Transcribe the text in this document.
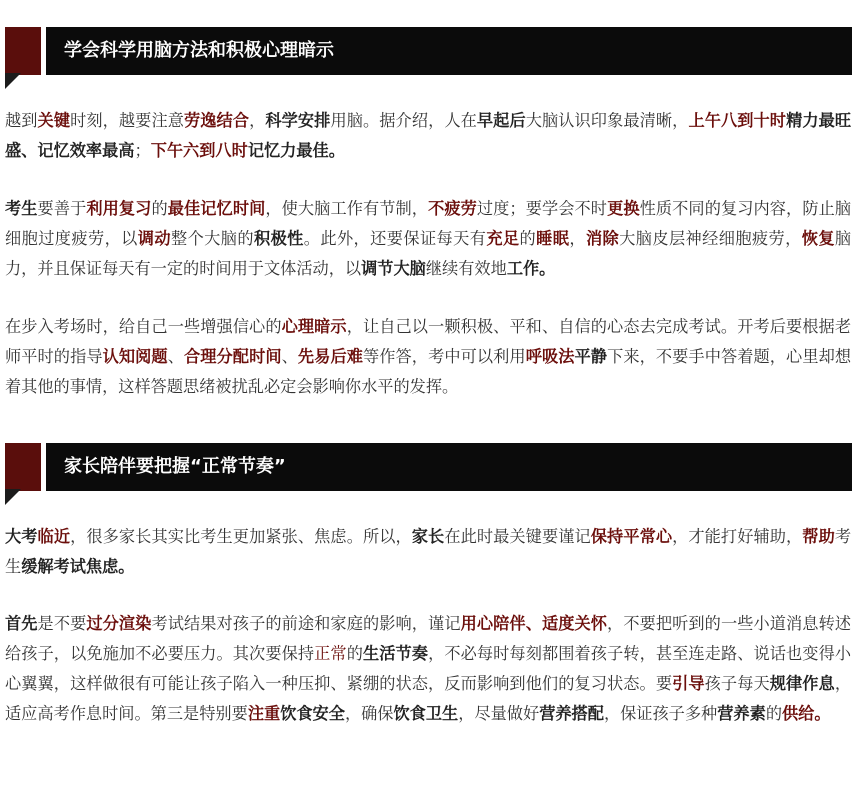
学会科学用脑方法和积极心理暗示

越到关键时刻，越要注意劳逸结合，科学安排用脑。据介绍，人在早起后大脑认识印象最清晰，上午八到十时精力最旺盛、记忆效率最高；下午六到八时记忆力最佳。

考生要善于利用复习的最佳记忆时间，使大脑工作有节制，不疲劳过度；要学会不时更换性质不同的复习内容，防止脑细胞过度疲劳，以调动整个大脑的积极性。此外，还要保证每天有充足的睡眠，消除大脑皮层神经细胞疲劳，恢复脑力，并且保证每天有一定的时间用于文体活动，以调节大脑继续有效地工作。

在步入考场时，给自己一些增强信心的心理暗示，让自己以一颗积极、平和、自信的心态去完成考试。开考后要根据老师平时的指导认知阅题、合理分配时间、先易后难等作答，考中可以利用呼吸法平静下来，不要手中答着题，心里却想着其他的事情，这样答题思绪被扰乱必定会影响你水平的发挥。

家长陪伴要把握“正常节奏”

大考临近，很多家长其实比考生更加紧张、焦虑。所以，家长在此时最关键要谨记保持平常心，才能打好辅助，帮助考生缓解考试焦虑。

首先是不要过分渲染考试结果对孩子的前途和家庭的影响，谨记用心陪伴、适度关怀，不要把听到的一些小道消息转述给孩子，以免施加不必要压力。其次要保持正常的生活节奏，不必每时每刻都围着孩子转，甚至连走路、说话也变得小心翼翼，这样做很有可能让孩子陷入一种压抑、紧绷的状态，反而影响到他们的复习状态。要引导孩子每天规律作息，适应高考作息时间。第三是特别要注重饮食安全，确保饮食卫生，尽量做好营养搭配，保证孩子多种营养素的供给。
